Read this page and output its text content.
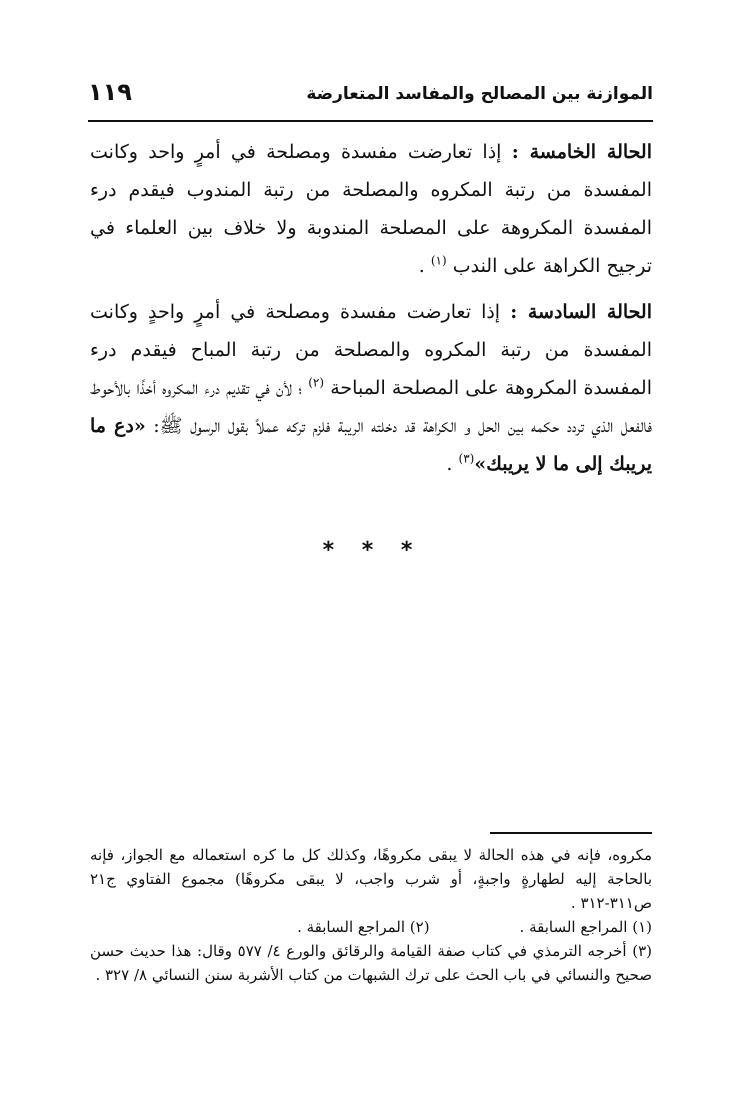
الموازنة بين المصالح والمفاسد المتعارضة
١١٩

الحالة الخامسة : إذا تعارضت مفسدة ومصلحة في أمرٍ واحد وكانت المفسدة من رتبة المكروه والمصلحة من رتبة المندوب فيقدم درء المفسدة المكروهة على المصلحة المندوبة ولا خلاف بين العلماء في ترجيح الكراهة على الندب $^{(١)}$ .

الحالة السادسة : إذا تعارضت مفسدة ومصلحة في أمرٍ واحدٍ وكانت المفسدة من رتبة المكروه والمصلحة من رتبة المباح فيقدم درء المفسدة المكروهة على المصلحة المباحة $^{(٢)}$ ؛ لأن في تقديم درء المكروه أخذًا بالأحوط فالفعل الذي تردد حكمه بين الحل و الكراهة قد دخلته الريبة فلزم تركه عملاً بقول الرسول ﷺ: «دع ما يريبك إلى ما لا يريبك»$^{(٣)}$ .

* * *

مكروه، فإنه في هذه الحالة لا يبقى مكروهًا، وكذلك كل ما كره استعماله مع الجواز، فإنه بالحاجة إليه لطهارةٍ واجبةٍ، أو شرب واجب، لا يبقى مكروهًا) مجموع الفتاوي ج٢١ ص٣١١-٣١٢ .

(١) المراجع السابقة .
(٢) المراجع السابقة .

(٣) أخرجه الترمذي في كتاب صفة القيامة والرقائق والورع ٤/ ٥٧٧ وقال: هذا حديث حسن صحيح والنسائي في باب الحث على ترك الشبهات من كتاب الأشربة سنن النسائي ٨/ ٣٢٧ .
